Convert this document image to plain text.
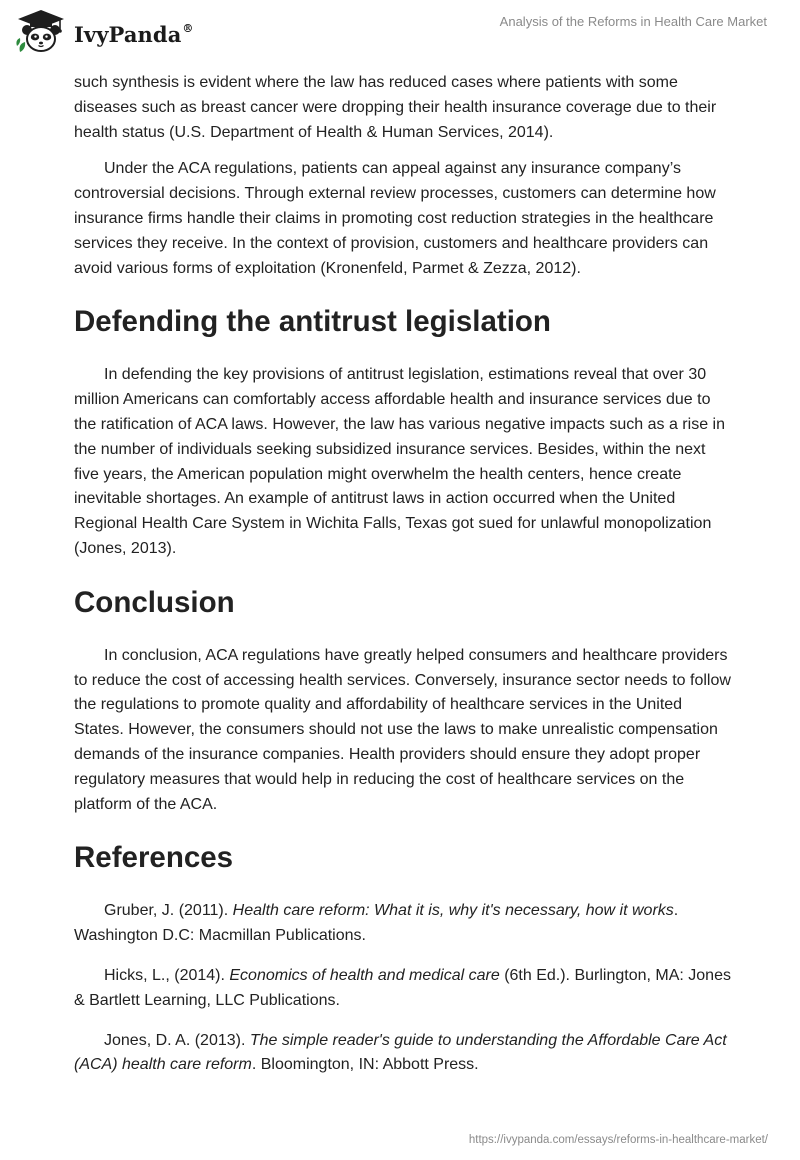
IvyPanda®	Analysis of the Reforms in Health Care Market

such synthesis is evident where the law has reduced cases where patients with some diseases such as breast cancer were dropping their health insurance coverage due to their health status (U.S. Department of Health & Human Services, 2014).

Under the ACA regulations, patients can appeal against any insurance company’s controversial decisions. Through external review processes, customers can determine how insurance firms handle their claims in promoting cost reduction strategies in the healthcare services they receive. In the context of provision, customers and healthcare providers can avoid various forms of exploitation (Kronenfeld, Parmet & Zezza, 2012).

Defending the antitrust legislation

In defending the key provisions of antitrust legislation, estimations reveal that over 30 million Americans can comfortably access affordable health and insurance services due to the ratification of ACA laws. However, the law has various negative impacts such as a rise in the number of individuals seeking subsidized insurance services. Besides, within the next five years, the American population might overwhelm the health centers, hence create inevitable shortages. An example of antitrust laws in action occurred when the United Regional Health Care System in Wichita Falls, Texas got sued for unlawful monopolization (Jones, 2013).

Conclusion

In conclusion, ACA regulations have greatly helped consumers and healthcare providers to reduce the cost of accessing health services. Conversely, insurance sector needs to follow the regulations to promote quality and affordability of healthcare services in the United States. However, the consumers should not use the laws to make unrealistic compensation demands of the insurance companies. Health providers should ensure they adopt proper regulatory measures that would help in reducing the cost of healthcare services on the platform of the ACA.

References

Gruber, J. (2011). Health care reform: What it is, why it's necessary, how it works. Washington D.C: Macmillan Publications.

Hicks, L., (2014). Economics of health and medical care (6th Ed.). Burlington, MA: Jones & Bartlett Learning, LLC Publications.

Jones, D. A. (2013). The simple reader's guide to understanding the Affordable Care Act (ACA) health care reform. Bloomington, IN: Abbott Press.

https://ivypanda.com/essays/reforms-in-healthcare-market/
